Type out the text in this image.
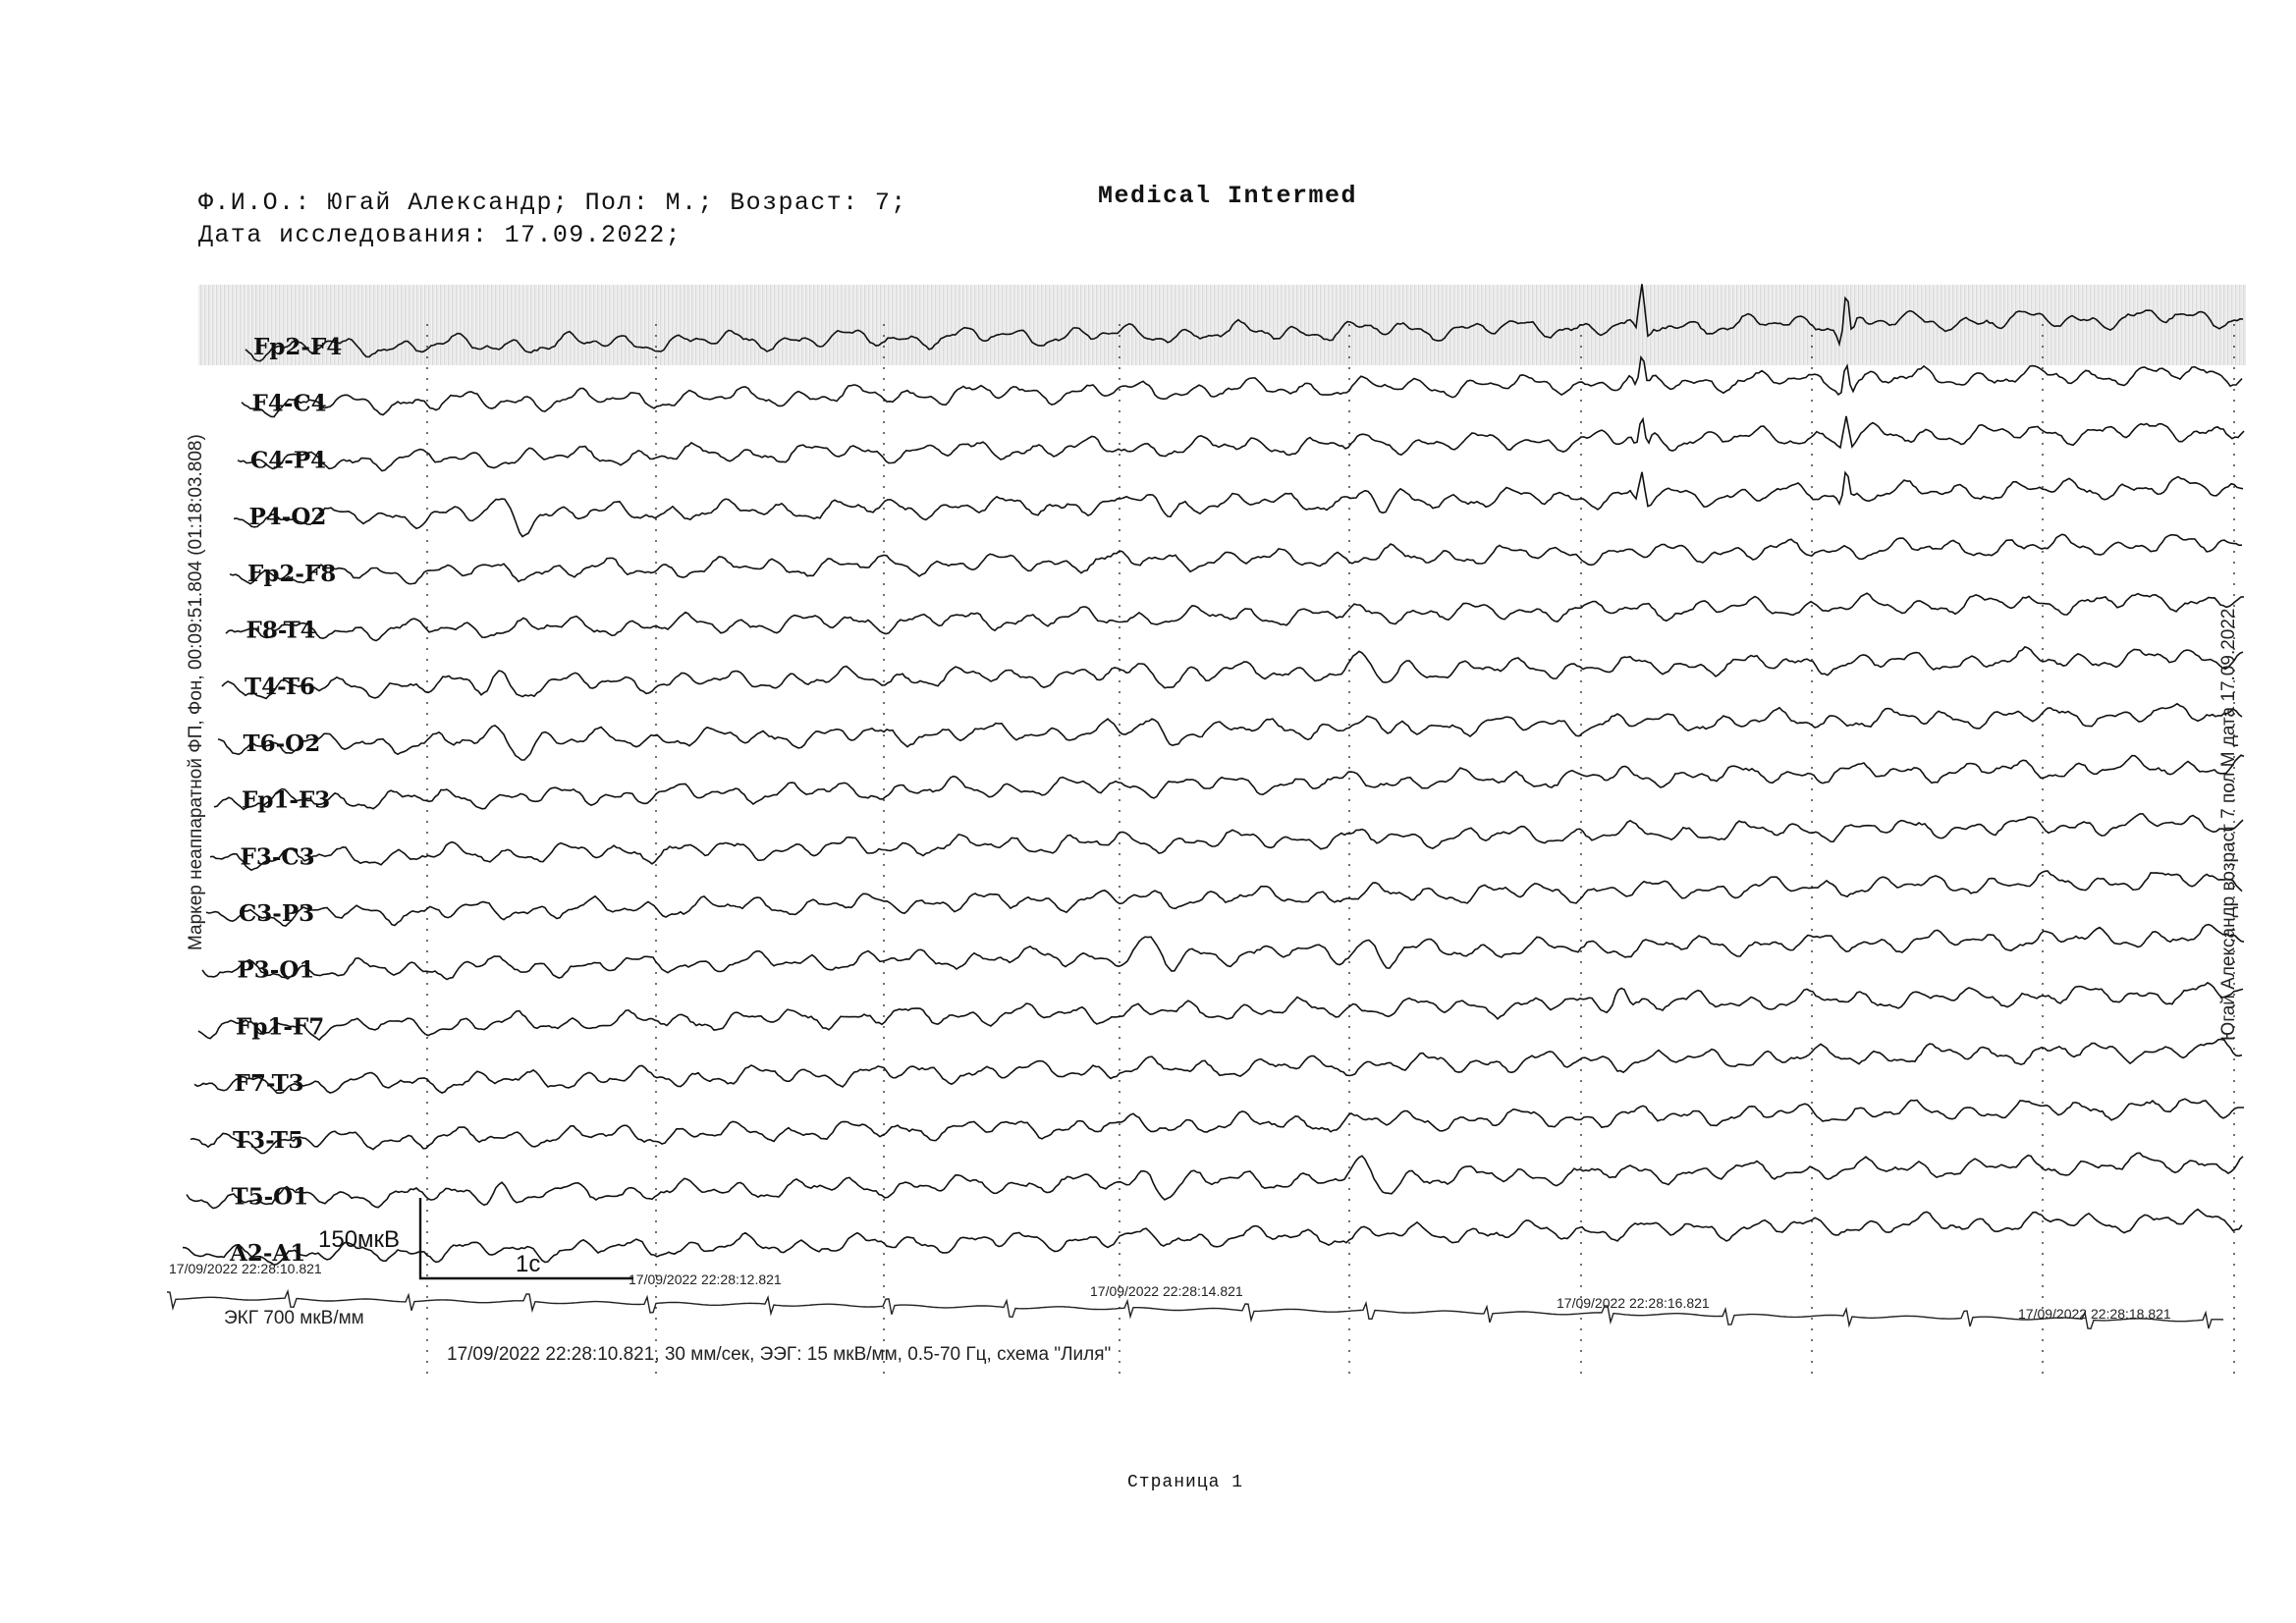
Ф.И.О.: Югай Александр; Пол: М.; Возраст: 7;
Дата исследования: 17.09.2022;
Medical Intermed
Fp2-F4
F4-C4
C4-P4
P4-O2
Fp2-F8
F8-T4
T4-T6
T6-O2
Fp1-F3
F3-C3
C3-P3
P3-O1
Fp1-F7
F7-T3
T3-T5
T5-O1
A2-A1
17/09/2022 22:28:10.821
17/09/2022 22:28:12.821
17/09/2022 22:28:14.821
17/09/2022 22:28:16.821
17/09/2022 22:28:18.821
150мкВ
1с
ЭКГ 700 мкВ/мм
17/09/2022 22:28:10.821, 30 мм/сек, ЭЭГ: 15 мкВ/мм, 0.5-70 Гц, схема "Лиля"
Маркер неаппаратной ФП, Фон, 00:09:51.804 (01:18:03.808)	Югай Александр возраст 7 пол М дата 17.09.2022
Страница 1
